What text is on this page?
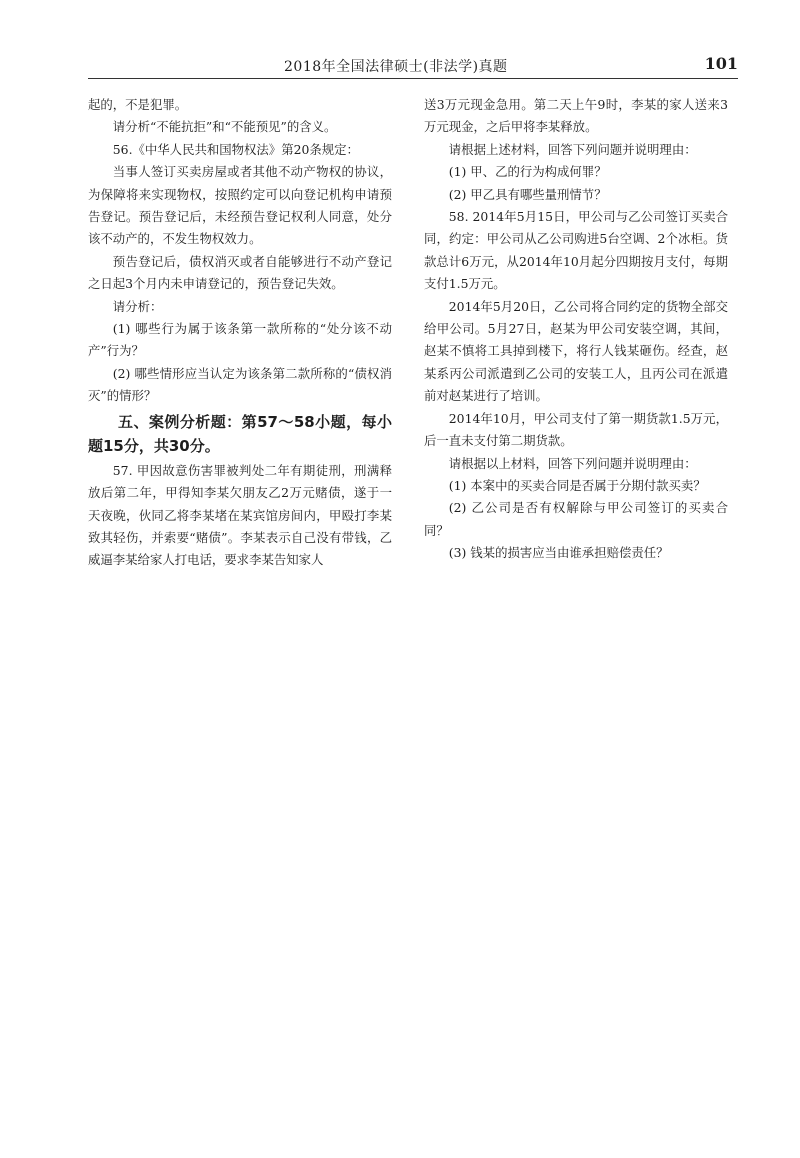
2018年全国法律硕士(非法学)真题	101

起的，不是犯罪。

请分析“不能抗拒”和“不能预见”的含义。

56.《中华人民共和国物权法》第20条规定：

当事人签订买卖房屋或者其他不动产物权的协议，为保障将来实现物权，按照约定可以向登记机构申请预告登记。预告登记后，未经预告登记权利人同意，处分该不动产的，不发生物权效力。

预告登记后，债权消灭或者自能够进行不动产登记之日起3个月内未申请登记的，预告登记失效。

请分析：

(1) 哪些行为属于该条第一款所称的“处分该不动产”行为？

(2) 哪些情形应当认定为该条第二款所称的“债权消灭”的情形？

五、案例分析题：第57～58小题，每小题15分，共30分。

57. 甲因故意伤害罪被判处二年有期徒刑，刑满释放后第二年，甲得知李某欠朋友乙2万元赌债，遂于一天夜晚，伙同乙将李某堵在某宾馆房间内，甲殴打李某致其轻伤，并索要“赌债”。李某表示自己没有带钱，乙威逼李某给家人打电话，要求李某告知家人

送3万元现金急用。第二天上午9时，李某的家人送来3万元现金，之后甲将李某释放。

请根据上述材料，回答下列问题并说明理由：

(1) 甲、乙的行为构成何罪？

(2) 甲乙具有哪些量刑情节？

58. 2014年5月15日，甲公司与乙公司签订买卖合同，约定：甲公司从乙公司购进5台空调、2个冰柜。货款总计6万元，从2014年10月起分四期按月支付，每期支付1.5万元。

2014年5月20日，乙公司将合同约定的货物全部交给甲公司。5月27日，赵某为甲公司安装空调，其间，赵某不慎将工具掉到楼下，将行人钱某砸伤。经查，赵某系丙公司派遣到乙公司的安装工人，且丙公司在派遣前对赵某进行了培训。

2014年10月，甲公司支付了第一期货款1.5万元，后一直未支付第二期货款。

请根据以上材料，回答下列问题并说明理由：

(1) 本案中的买卖合同是否属于分期付款买卖？

(2) 乙公司是否有权解除与甲公司签订的买卖合同？

(3) 钱某的损害应当由谁承担赔偿责任？
